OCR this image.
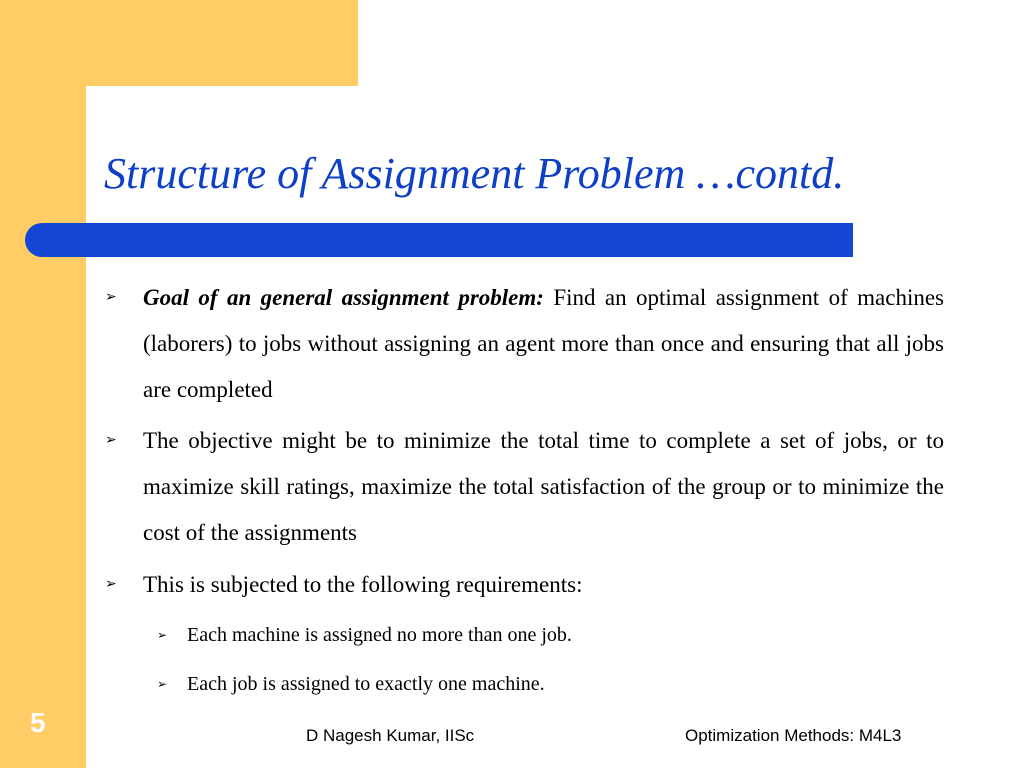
Structure of Assignment Problem …contd.
➢ Goal of an general assignment problem: Find an optimal assignment of machines (laborers) to jobs without assigning an agent more than once and ensuring that all jobs are completed
➢ The objective might be to minimize the total time to complete a set of jobs, or to maximize skill ratings, maximize the total satisfaction of the group or to minimize the cost of the assignments
➢ This is subjected to the following requirements:
➢ Each machine is assigned no more than one job.
➢ Each job is assigned to exactly one machine.
5	D Nagesh Kumar, IISc	Optimization Methods: M4L3
